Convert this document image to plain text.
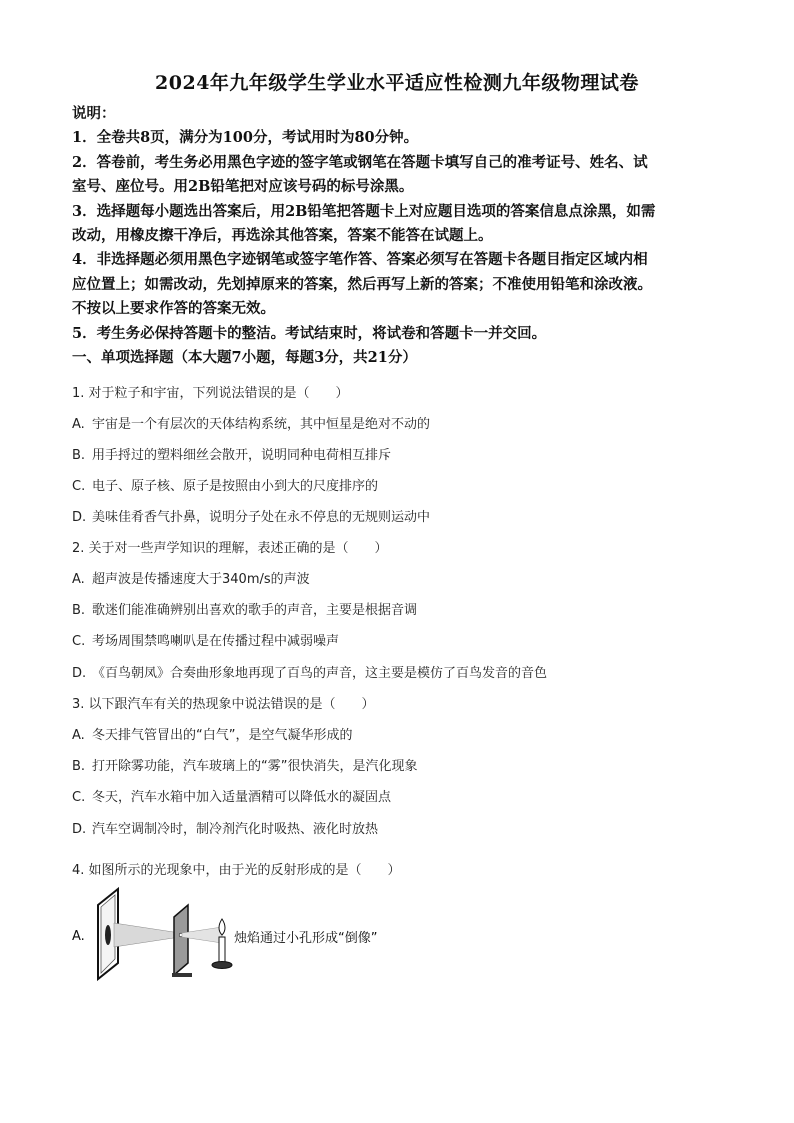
2024年九年级学生学业水平适应性检测九年级物理试卷

说明：

1．全卷共8页，满分为100分，考试用时为80分钟。

2．答卷前，考生务必用黑色字迹的签字笔或钢笔在答题卡填写自己的准考证号、姓名、试

室号、座位号。用2B铅笔把对应该号码的标号涂黑。

3．选择题每小题选出答案后，用2B铅笔把答题卡上对应题目选项的答案信息点涂黑，如需

改动，用橡皮擦干净后，再选涂其他答案，答案不能答在试题上。

4．非选择题必须用黑色字迹钢笔或签字笔作答、答案必须写在答题卡各题目指定区域内相

应位置上；如需改动，先划掉原来的答案，然后再写上新的答案；不准使用铅笔和涂改液。

不按以上要求作答的答案无效。

5．考生务必保持答题卡的整洁。考试结束时，将试卷和答题卡一并交回。

一、单项选择题（本大题7小题，每题3分，共21分）

1. 对于粒子和宇宙，下列说法错误的是（　　）
A. 宇宙是一个有层次的天体结构系统，其中恒星是绝对不动的
B. 用手捋过的塑料细丝会散开，说明同种电荷相互排斥
C. 电子、原子核、原子是按照由小到大的尺度排序的
D. 美味佳肴香气扑鼻，说明分子处在永不停息的无规则运动中
2. 关于对一些声学知识的理解，表述正确的是（　　）
A. 超声波是传播速度大于340m/s的声波
B. 歌迷们能准确辨别出喜欢的歌手的声音，主要是根据音调
C. 考场周围禁鸣喇叭是在传播过程中减弱噪声
D. 《百鸟朝凤》合奏曲形象地再现了百鸟的声音，这主要是模仿了百鸟发音的音色
3. 以下跟汽车有关的热现象中说法错误的是（　　）
A. 冬天排气管冒出的“白气”，是空气凝华形成的
B. 打开除雾功能，汽车玻璃上的“雾”很快消失，是汽化现象
C. 冬天，汽车水箱中加入适量酒精可以降低水的凝固点
D. 汽车空调制冷时，制冷剂汽化时吸热、液化时放热
4. 如图所示的光现象中，由于光的反射形成的是（　　）
A.	烛焰通过小孔形成“倒像”
